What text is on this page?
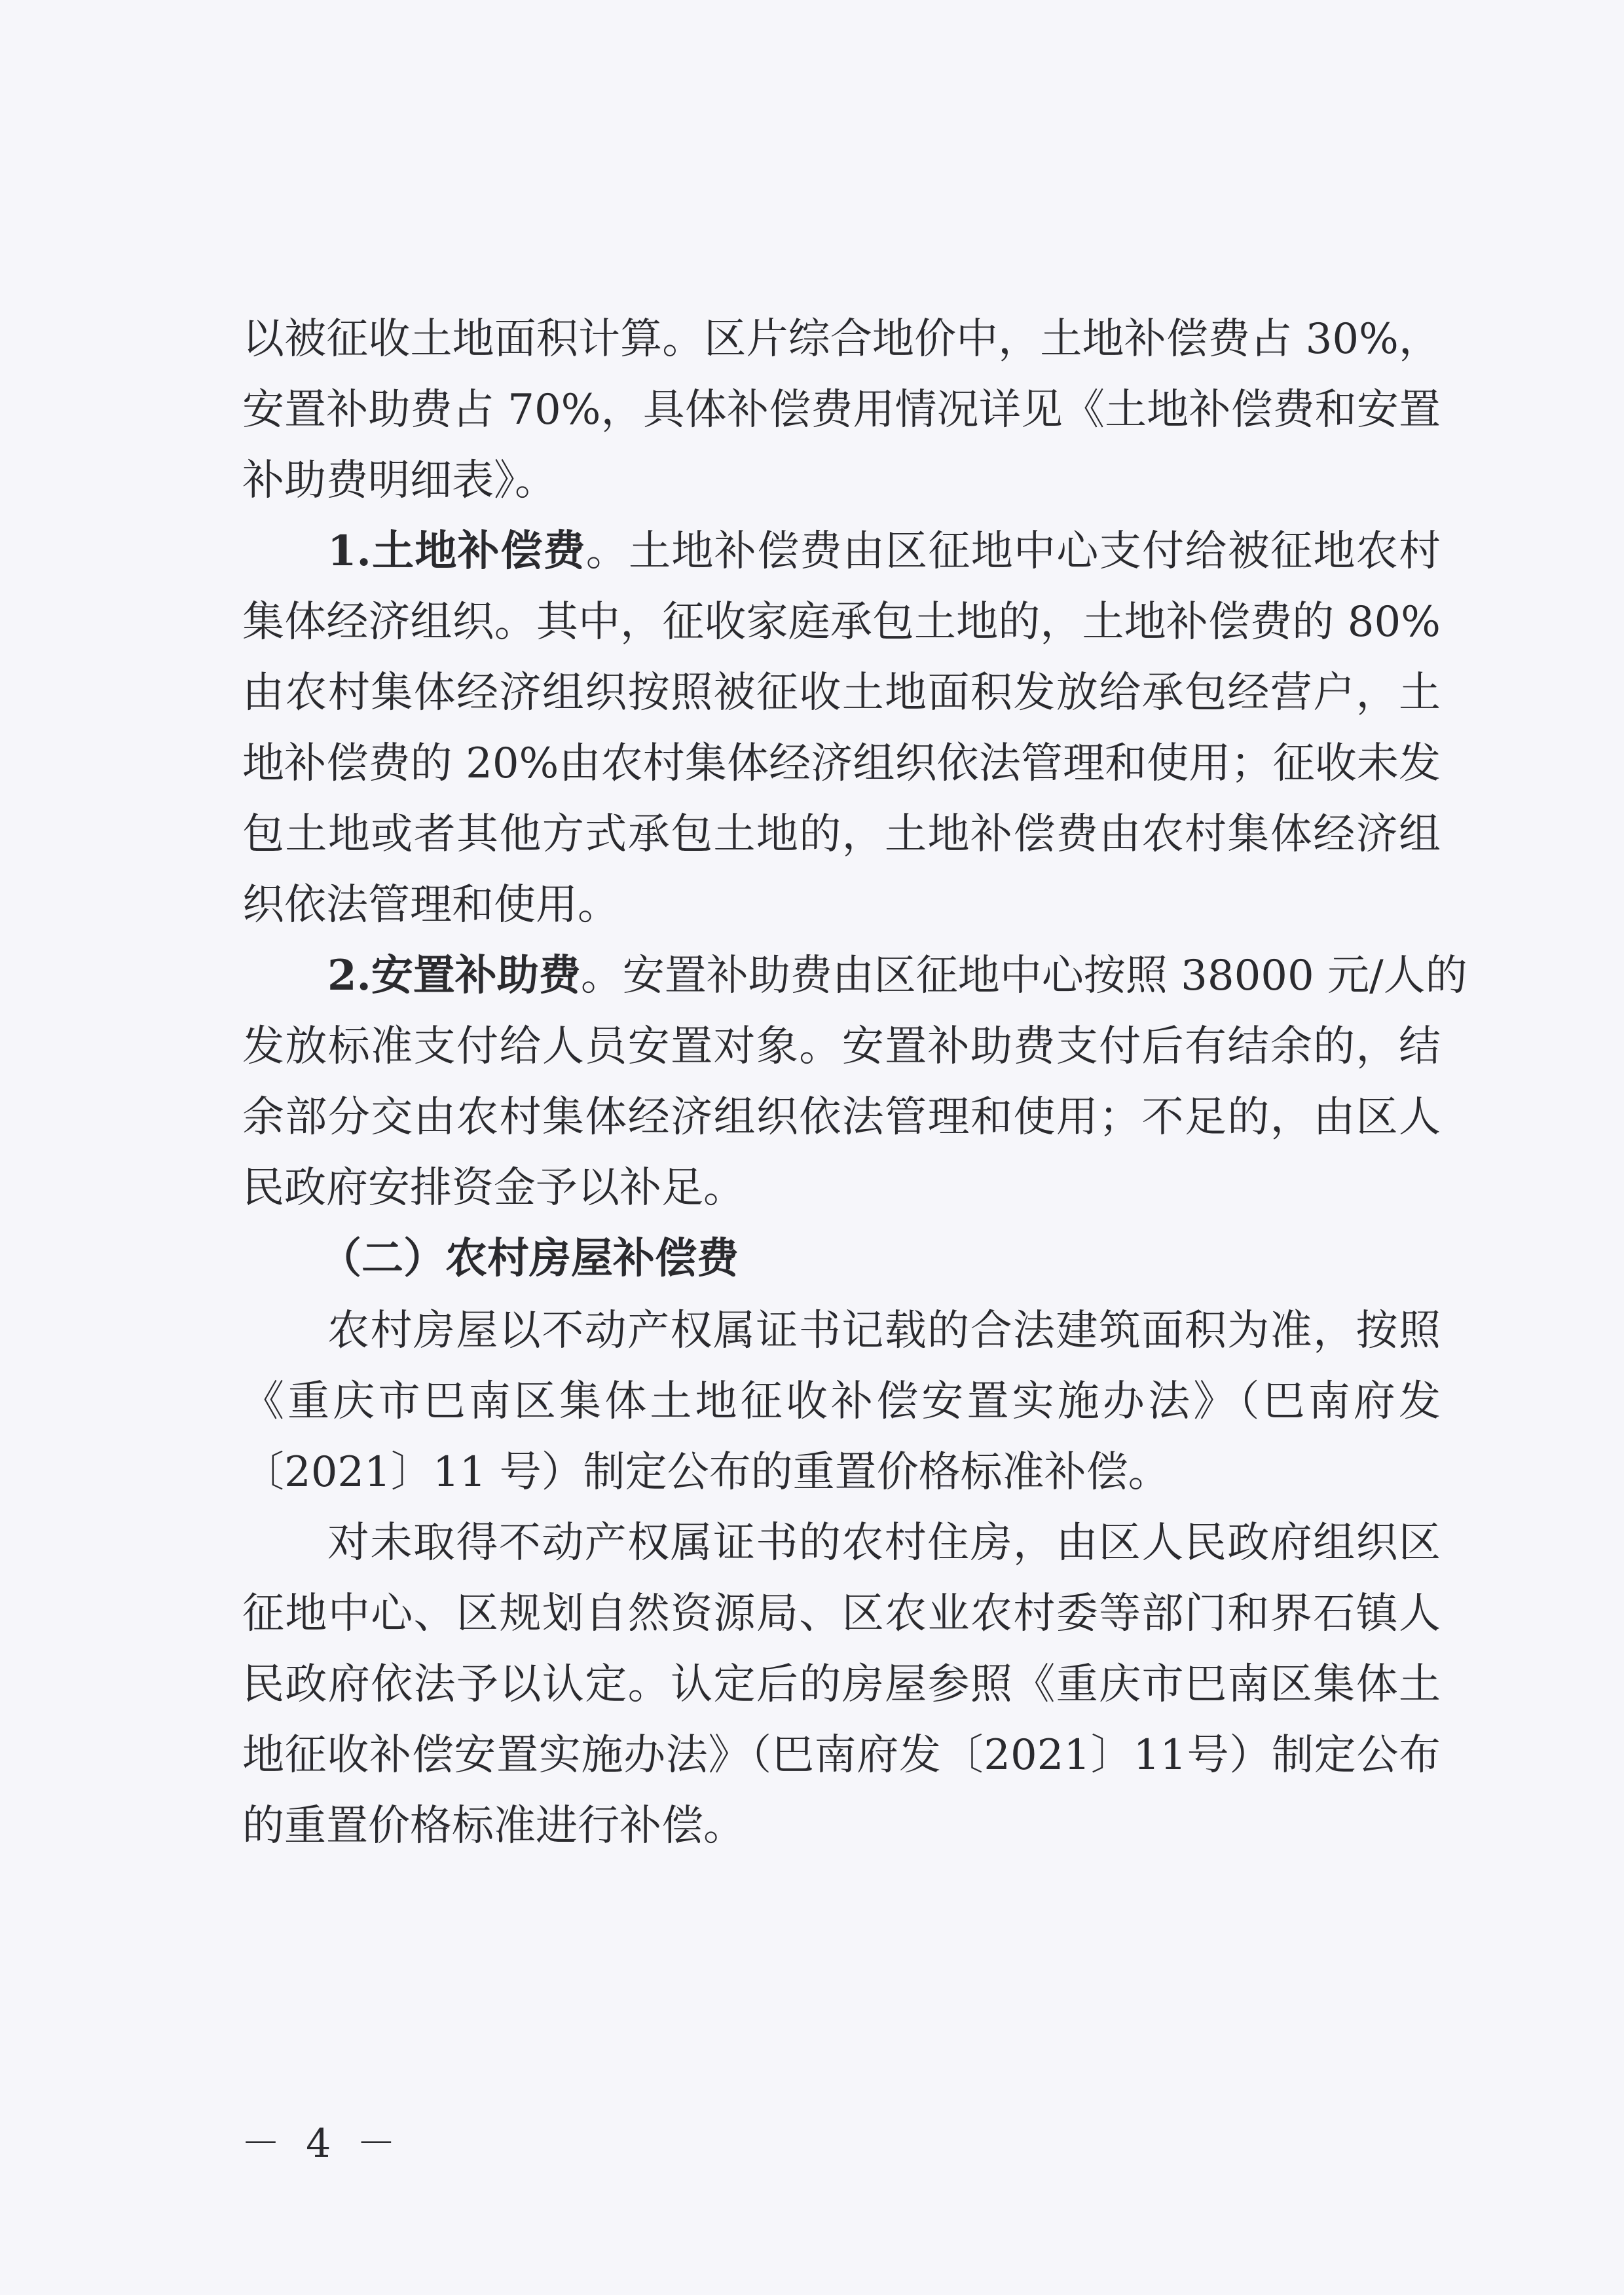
以被征收土地面积计算。区片综合地价中，土地补偿费占 30%，
安置补助费占 70%，具体补偿费用情况详见《土地补偿费和安置
补助费明细表》。
1.土地补偿费。土地补偿费由区征地中心支付给被征地农村
集体经济组织。其中，征收家庭承包土地的，土地补偿费的 80%
由农村集体经济组织按照被征收土地面积发放给承包经营户，土
地补偿费的 20%由农村集体经济组织依法管理和使用；征收未发
包土地或者其他方式承包土地的，土地补偿费由农村集体经济组
织依法管理和使用。
2.安置补助费。安置补助费由区征地中心按照 38000 元/人的
发放标准支付给人员安置对象。安置补助费支付后有结余的，结
余部分交由农村集体经济组织依法管理和使用；不足的，由区人
民政府安排资金予以补足。
（二）农村房屋补偿费
农村房屋以不动产权属证书记载的合法建筑面积为准，按照
《重庆市巴南区集体土地征收补偿安置实施办法》（巴南府发
〔2021〕11 号）制定公布的重置价格标准补偿。
对未取得不动产权属证书的农村住房，由区人民政府组织区
征地中心、区规划自然资源局、区农业农村委等部门和界石镇人
民政府依法予以认定。认定后的房屋参照《重庆市巴南区集体土
地征收补偿安置实施办法》（巴南府发〔2021〕11号）制定公布
的重置价格标准进行补偿。
－ 4 －
